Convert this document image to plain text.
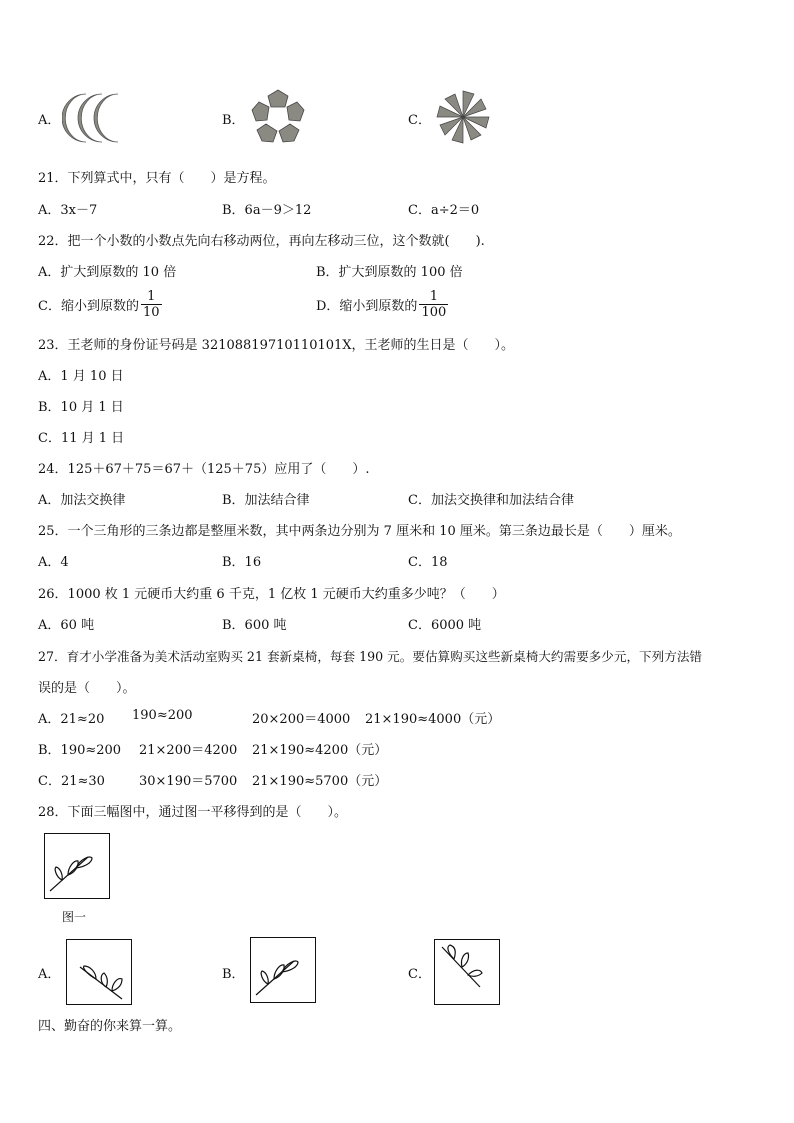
A．	B．	C．
21．下列算式中，只有（　　）是方程。
A．3x－7	B．6a－9＞12	C．a÷2＝0
22．把一个小数的小数点先向右移动两位，再向左移动三位，这个数就(　　).
A．扩大到原数的 10 倍	B．扩大到原数的 100 倍
C．缩小到原数的 $\frac{1}{10}$	D．缩小到原数的 $\frac{1}{100}$
23．王老师的身份证号码是 32108819710110101X，王老师的生日是（　　）。
A．1 月 10 日
B．10 月 1 日
C．11 月 1 日
24．125＋67＋75＝67＋（125＋75）应用了（　　）.
A．加法交换律	B．加法结合律	C．加法交换律和加法结合律
25．一个三角形的三条边都是整厘米数，其中两条边分别为 7 厘米和 10 厘米。第三条边最长是（　　）厘米。
A．4	B．16	C．18
26．1000 枚 1 元硬币大约重 6 千克，1 亿枚 1 元硬币大约重多少吨？（　　）
A．60 吨	B．600 吨	C．6000 吨
27．育才小学准备为美术活动室购买 21 套新桌椅，每套 190 元。要估算购买这些新桌椅大约需要多少元，下列方法错
误的是（　　）。
A．21≈20 190≈200	20×200＝4000 21×190≈4000（元）
B．190≈200 21×200＝4200 21×190≈4200（元）
C．21≈30	30×190＝5700 21×190≈5700（元）
28．下面三幅图中，通过图一平移得到的是（　　）。
图一
A．	B．	C．
四、勤奋的你来算一算。
